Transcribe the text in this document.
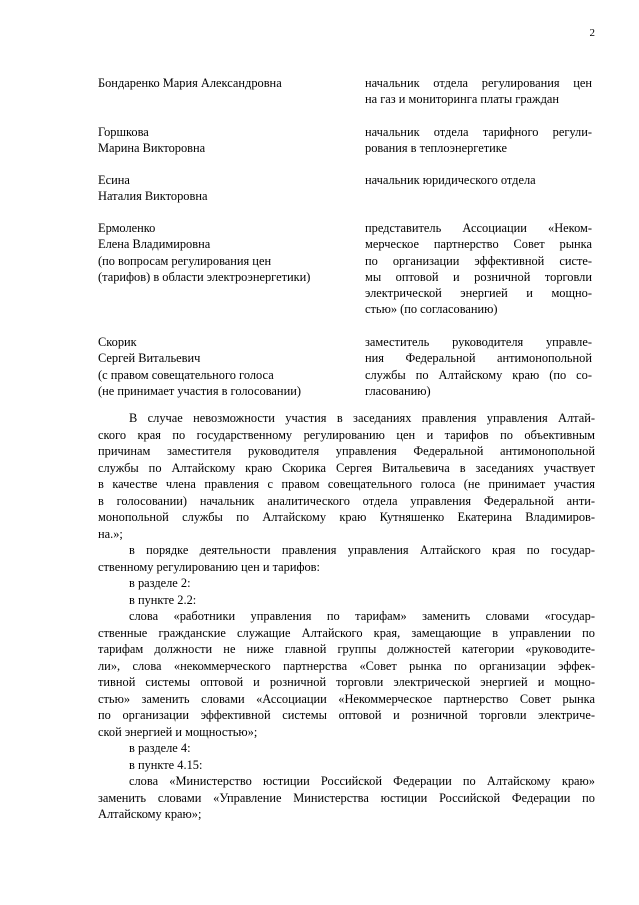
2
Бондаренко Мария Александровна	начальник отдела регулирования цен
на газ и мониторинга платы граждан
Горшкова
Марина Викторовна
начальник отдела тарифного регули-
рования в теплоэнергетике
Есина
Наталия Викторовна
начальник юридического отдела
Ермоленко
Елена Владимировна
(по вопросам регулирования цен
(тарифов) в области электроэнергетики)
представитель Ассоциации «Неком-
мерческое партнерство Совет рынка
по организации эффективной систе-
мы оптовой и розничной торговли
электрической энергией и мощно-
стью» (по согласованию)
Скорик
Сергей Витальевич
(с правом совещательного голоса
(не принимает участия в голосовании)
заместитель руководителя управле-
ния Федеральной антимонопольной
службы по Алтайскому краю (по со-
гласованию)
В случае невозможности участия в заседаниях правления управления Алтай-
ского края по государственному регулированию цен и тарифов по объективным
причинам заместителя руководителя управления Федеральной антимонопольной
службы по Алтайскому краю Скорика Сергея Витальевича в заседаниях участвует
в качестве члена правления с правом совещательного голоса (не принимает участия
в голосовании) начальник аналитического отдела управления Федеральной анти-
монопольной службы по Алтайскому краю Кутняшенко Екатерина Владимиров-
на.»;
в порядке деятельности правления управления Алтайского края по государ-
ственному регулированию цен и тарифов:
в разделе 2:
в пункте 2.2:
слова «работники управления по тарифам» заменить словами «государ-
ственные гражданские служащие Алтайского края, замещающие в управлении по
тарифам должности не ниже главной группы должностей категории «руководите-
ли», слова «некоммерческого партнерства «Совет рынка по организации эффек-
тивной системы оптовой и розничной торговли электрической энергией и мощно-
стью» заменить словами «Ассоциации «Некоммерческое партнерство Совет рынка
по организации эффективной системы оптовой и розничной торговли электриче-
ской энергией и мощностью»;
в разделе 4:
в пункте 4.15:
слова «Министерство юстиции Российской Федерации по Алтайскому краю»
заменить словами «Управление Министерства юстиции Российской Федерации по
Алтайскому краю»;
